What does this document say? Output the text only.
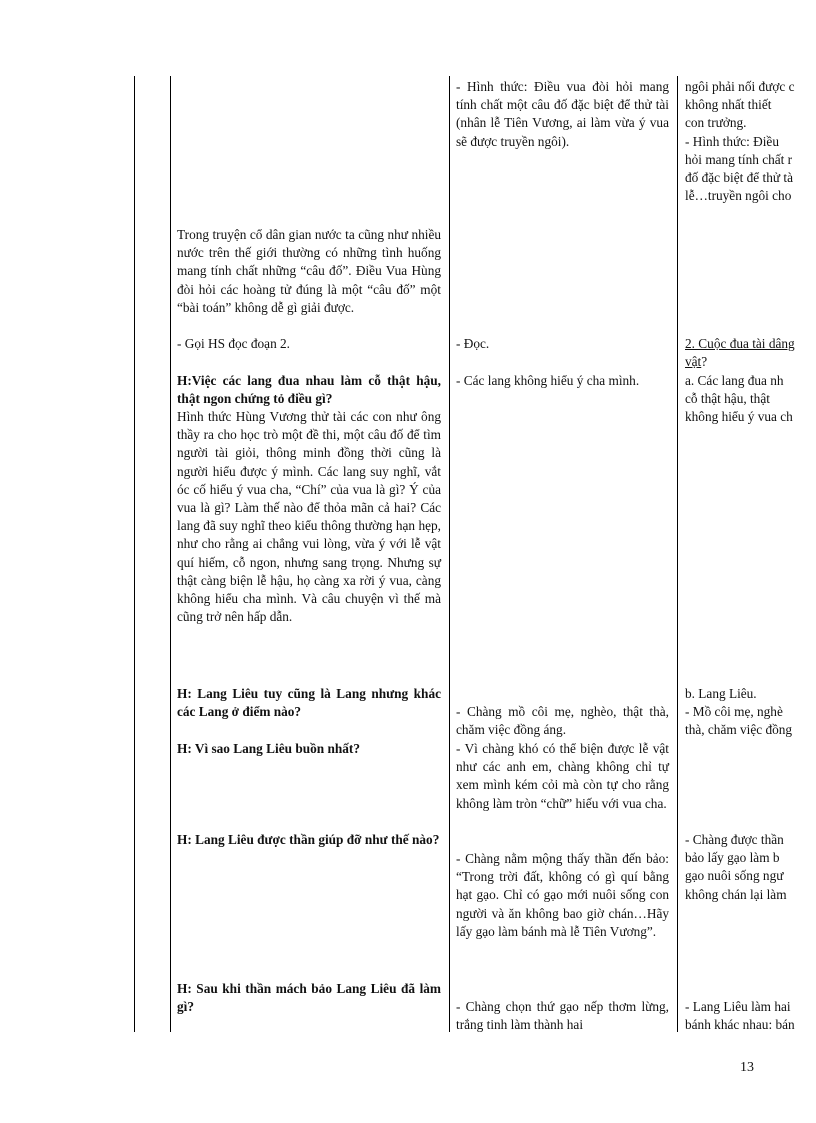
Trong truyện cổ dân gian nước ta cũng như nhiều nước trên thế giới thường có những tình huống mang tính chất những “câu đố”. Điều Vua Hùng đòi hỏi các hoàng tử đúng là một “câu đố” một “bài toán” không dễ gì giải được.

- Gọi HS đọc đoạn 2.

H:Việc các lang đua nhau làm cỗ thật hậu, thật ngon chứng tỏ điều gì?

Hình thức Hùng Vương thử tài các con như ông thầy ra cho học trò một đề thi, một câu đố để tìm người tài giỏi, thông minh đồng thời cũng là người hiểu được ý mình. Các lang suy nghĩ, vắt óc cố hiểu ý vua cha, “Chí” của vua là gì? Ý của vua là gì? Làm thế nào để thỏa mãn cả hai? Các lang đã suy nghĩ theo kiểu thông thường hạn hẹp, như cho rằng ai chẳng vui lòng, vừa ý với lễ vật quí hiếm, cỗ ngon, nhưng sang trọng. Nhưng sự thật càng biện lễ hậu, họ càng xa rời ý vua, càng không hiểu cha mình. Và câu chuyện vì thế mà cũng trở nên hấp dẫn.

H: Lang Liêu tuy cũng là Lang nhưng khác các Lang ở điểm nào?

H: Vì sao Lang Liêu buồn nhất?

H: Lang Liêu được thần giúp đỡ như thế nào?

H: Sau khi thần mách bảo Lang Liêu đã làm gì?

- Hình thức: Điều vua đòi hỏi mang tính chất một câu đố đặc biệt để thử tài (nhân lễ Tiên Vương, ai làm vừa ý vua sẽ được truyền ngôi).

- Đọc.

- Các lang không hiểu ý cha mình.

- Chàng mồ côi mẹ, nghèo, thật thà, chăm việc đồng áng.

- Vì chàng khó có thể biện được lễ vật như các anh em, chàng không chỉ tự xem mình kém cỏi mà còn tự cho rằng không làm tròn “chữ” hiếu với vua cha.

- Chàng nằm mộng thấy thần đến bảo: “Trong trời đất, không có gì quí bằng hạt gạo. Chỉ có gạo mới nuôi sống con người và ăn không bao giờ chán…Hãy lấy gạo làm bánh mà lễ Tiên Vương”.

- Chàng chọn thứ gạo nếp thơm lừng, trắng tinh làm thành hai

ngôi phải nối được c

không nhất thiết

con trưởng.

- Hình thức: Điều

hỏi mang tính chất r

đố đặc biệt để thử tà

lễ…truyền ngôi cho

2. Cuộc đua tài dâng

vật?

a. Các lang đua nh

cỗ thật hậu, thật

không hiểu ý vua ch

b. Lang Liêu.

- Mồ côi mẹ, nghè

thà, chăm việc đồng

- Chàng được thần

bảo lấy gạo làm b

gạo nuôi sống ngư

không chán lại làm

- Lang Liêu làm hai

bánh khác nhau: bán

13
